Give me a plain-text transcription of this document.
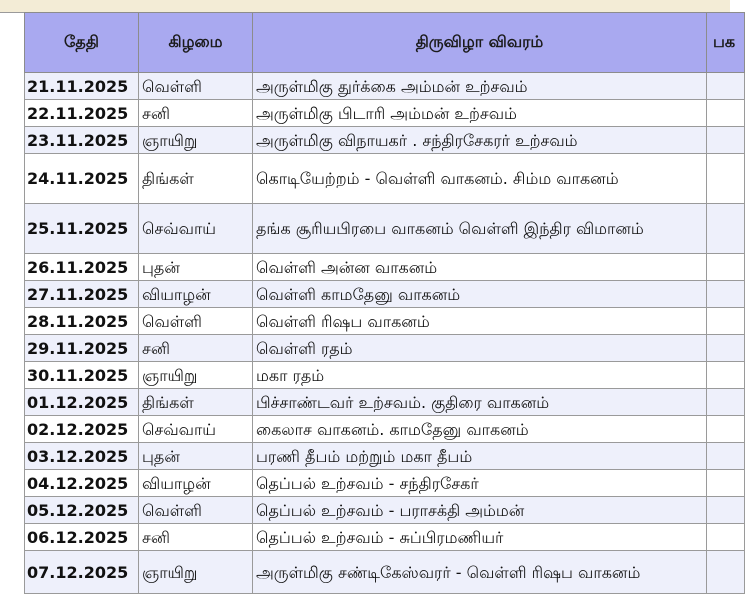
தேதி	கிழமை	திருவிழா விவரம்	பக
21.11.2025	வெள்ளி	அருள்மிகு துர்க்கை அம்மன் உற்சவம்	
22.11.2025	சனி	அருள்மிகு பிடாரி அம்மன் உற்சவம்	
23.11.2025	ஞாயிறு	அருள்மிகு விநாயகர் . சந்திரசேகரர் உற்சவம்	
24.11.2025	திங்கள்	கொடியேற்றம் - வெள்ளி வாகனம். சிம்ம வாகனம்	
25.11.2025	செவ்வாய்	தங்க சூரியபிரபை வாகனம் வெள்ளி இந்திர விமானம்	
26.11.2025	புதன்	வெள்ளி அன்ன வாகனம்	
27.11.2025	வியாழன்	வெள்ளி காமதேனு வாகனம்	
28.11.2025	வெள்ளி	வெள்ளி ரிஷப வாகனம்	
29.11.2025	சனி	வெள்ளி ரதம்	
30.11.2025	ஞாயிறு	மகா ரதம்	
01.12.2025	திங்கள்	பிச்சாண்டவர் உற்சவம். குதிரை வாகனம்	
02.12.2025	செவ்வாய்	கைலாச வாகனம். காமதேனு வாகனம்	
03.12.2025	புதன்	பரணி தீபம் மற்றும் மகா தீபம்	
04.12.2025	வியாழன்	தெப்பல் உற்சவம் - சந்திரசேகர்	
05.12.2025	வெள்ளி	தெப்பல் உற்சவம் - பராசக்தி அம்மன்	
06.12.2025	சனி	தெப்பல் உற்சவம் - சுப்பிரமணியர்	
07.12.2025	ஞாயிறு	அருள்மிகு சண்டிகேஸ்வரர் - வெள்ளி ரிஷப வாகனம்	
